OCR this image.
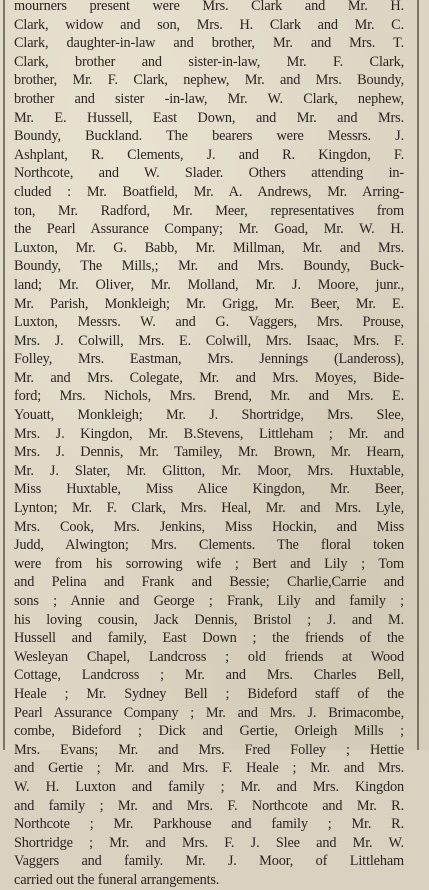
mourners present were Mrs. Clark and Mr. H.
Clark, widow and son, Mrs. H. Clark and Mr. C.
Clark, daughter-in-law and brother, Mr. and Mrs. T.
Clark, brother and sister-in-law, Mr. F. Clark,
brother, Mr. F. Clark, nephew, Mr. and Mrs. Boundy,
brother and sister -in-law, Mr. W. Clark, nephew,
Mr. E. Hussell, East Down, and Mr. and Mrs.
Boundy, Buckland. The bearers were Messrs. J.
Ashplant, R. Clements, J. and R. Kingdon, F.
Northcote, and W. Slader. Others attending in-
cluded : Mr. Boatfield, Mr. A. Andrews, Mr. Arring-
ton, Mr. Radford, Mr. Meer, representatives from
the Pearl Assurance Company; Mr. Goad, Mr. W. H.
Luxton, Mr. G. Babb, Mr. Millman, Mr. and Mrs.
Boundy, The Mills,; Mr. and Mrs. Boundy, Buck-
land; Mr. Oliver, Mr. Molland, Mr. J. Moore, junr.,
Mr. Parish, Monkleigh; Mr. Grigg, Mr. Beer, Mr. E.
Luxton, Messrs. W. and G. Vaggers, Mrs. Prouse,
Mrs. J. Colwill, Mrs. E. Colwill, Mrs. Isaac, Mrs. F.
Folley, Mrs. Eastman, Mrs. Jennings (Landeross),
Mr. and Mrs. Colegate, Mr. and Mrs. Moyes, Bide-
ford; Mrs. Nichols, Mrs. Brend, Mr. and Mrs. E.
Youatt, Monkleigh; Mr. J. Shortridge, Mrs. Slee,
Mrs. J. Kingdon, Mr. B.Stevens, Littleham ; Mr. and
Mrs. J. Dennis, Mr. Tamiley, Mr. Brown, Mr. Hearn,
Mr. J. Slater, Mr. Glitton, Mr. Moor, Mrs. Huxtable,
Miss Huxtable, Miss Alice Kingdon, Mr. Beer,
Lynton; Mr. F. Clark, Mrs. Heal, Mr. and Mrs. Lyle,
Mrs. Cook, Mrs. Jenkins, Miss Hockin, and Miss
Judd, Alwington; Mrs. Clements. The floral token
were from his sorrowing wife ; Bert and Lily ; Tom
and Pelina and Frank and Bessie; Charlie,Carrie and
sons ; Annie and George ; Frank, Lily and family ;
his loving cousin, Jack Dennis, Bristol ; J. and M.
Hussell and family, East Down ; the friends of the
Wesleyan Chapel, Landcross ; old friends at Wood
Cottage, Landcross ; Mr. and Mrs. Charles Bell,
Heale ; Mr. Sydney Bell ; Bideford staff of the
Pearl Assurance Company ; Mr. and Mrs. J. Brimacombe,
combe, Bideford ; Dick and Gertie, Orleigh Mills ;
Mrs. Evans; Mr. and Mrs. Fred Folley ; Hettie
and Gertie ; Mr. and Mrs. F. Heale ; Mr. and Mrs.
W. H. Luxton and family ; Mr. and Mrs. Kingdon
and family ; Mr. and Mrs. F. Northcote and Mr. R.
Northcote ; Mr. Parkhouse and family ; Mr. R.
Shortridge ; Mr. and Mrs. F. J. Slee and Mr. W.
Vaggers and family. Mr. J. Moor, of Littleham
carried out the funeral arrangements.
